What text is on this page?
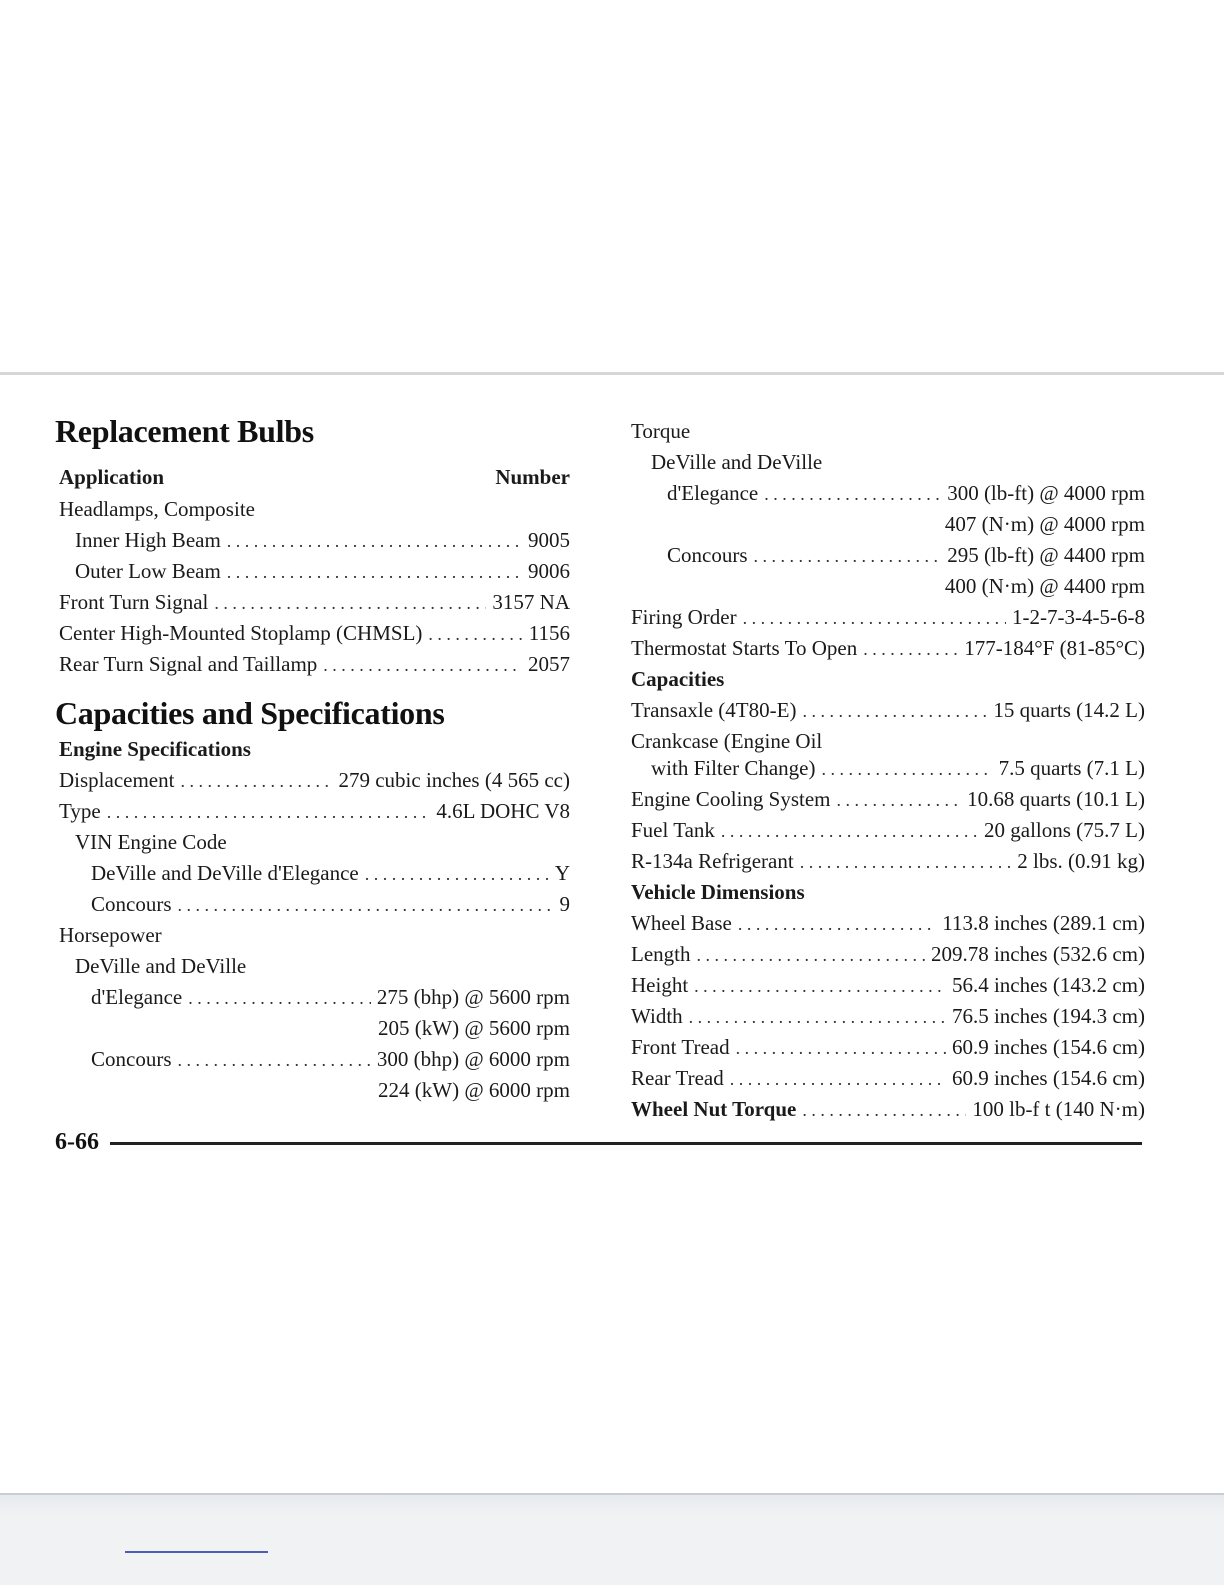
Replacement Bulbs
Application	Number
Headlamps, Composite
Inner High Beam . . .	9005
Outer Low Beam . . .	9006
Front Turn Signal . . .	3157 NA
Center High-Mounted Stoplamp (CHMSL) . . .	1156
Rear Turn Signal and Taillamp . . .	2057
Capacities and Specifications
Engine Specifications
Displacement . . .	279 cubic inches (4 565 cc)
Type . . .	4.6L DOHC V8
VIN Engine Code
DeVille and DeVille d'Elegance . . .	Y
Concours . . .	9
Horsepower
DeVille and DeVille
d'Elegance . . .	275 (bhp) @ 5600 rpm
205 (kW) @ 5600 rpm
Concours . . .	300 (bhp) @ 6000 rpm
224 (kW) @ 6000 rpm
Torque
DeVille and DeVille
d'Elegance . . .	300 (lb-ft) @ 4000 rpm
407 (N·m) @ 4000 rpm
Concours . . .	295 (lb-ft) @ 4400 rpm
400 (N·m) @ 4400 rpm
Firing Order . . .	1-2-7-3-4-5-6-8
Thermostat Starts To Open . . .	177-184°F (81-85°C)
Capacities
Transaxle (4T80-E) . . .	15 quarts (14.2 L)
Crankcase (Engine Oil
with Filter Change) . . .	7.5 quarts (7.1 L)
Engine Cooling System . . .	10.68 quarts (10.1 L)
Fuel Tank . . .	20 gallons (75.7 L)
R-134a Refrigerant . . .	2 lbs. (0.91 kg)
Vehicle Dimensions
Wheel Base . . .	113.8 inches (289.1 cm)
Length . . .	209.78 inches (532.6 cm)
Height . . .	56.4 inches (143.2 cm)
Width . . .	76.5 inches (194.3 cm)
Front Tread . . .	60.9 inches (154.6 cm)
Rear Tread . . .	60.9 inches (154.6 cm)
Wheel Nut Torque . . .	100 lb-f t (140 N·m)
6-66
